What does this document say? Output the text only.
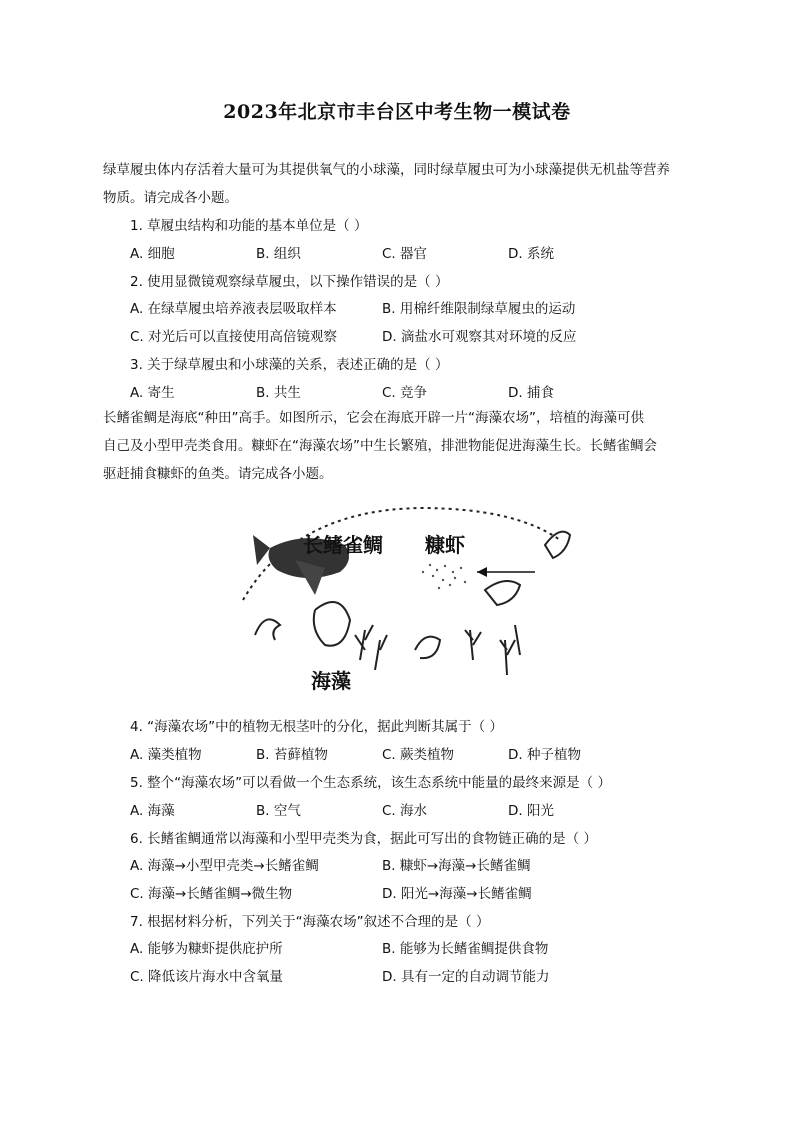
2023年北京市丰台区中考生物一模试卷
绿草履虫体内存活着大量可为其提供氧气的小球藻，同时绿草履虫可为小球藻提供无机盐等营养
物质。请完成各小题。
1. 草履虫结构和功能的基本单位是（ ）
A. 细胞	B. 组织	C. 器官	D. 系统
2. 使用显微镜观察绿草履虫，以下操作错误的是（ ）
A. 在绿草履虫培养液表层吸取样本	B. 用棉纤维限制绿草履虫的运动
C. 对光后可以直接使用高倍镜观察	D. 滴盐水可观察其对环境的反应
3. 关于绿草履虫和小球藻的关系，表述正确的是（ ）
A. 寄生	B. 共生	C. 竞争	D. 捕食
长鳍雀鲷是海底“种田”高手。如图所示，它会在海底开辟一片“海藻农场”，培植的海藻可供
自己及小型甲壳类食用。糠虾在“海藻农场”中生长繁殖，排泄物能促进海藻生长。长鳍雀鲷会
驱赶捕食糠虾的鱼类。请完成各小题。
长鳍雀鲷 糠虾
海藻
4. “海藻农场”中的植物无根茎叶的分化，据此判断其属于（ ）
A. 藻类植物	B. 苔藓植物	C. 蕨类植物	D. 种子植物
5. 整个“海藻农场”可以看做一个生态系统，该生态系统中能量的最终来源是（ ）
A. 海藻	B. 空气	C. 海水	D. 阳光
6. 长鳍雀鲷通常以海藻和小型甲壳类为食，据此可写出的食物链正确的是（ ）
A. 海藻→小型甲壳类→长鳍雀鲷	B. 糠虾→海藻→长鳍雀鲷
C. 海藻→长鳍雀鲷→微生物	D. 阳光→海藻→长鳍雀鲷
7. 根据材料分析，下列关于“海藻农场”叙述不合理的是（ ）
A. 能够为糠虾提供庇护所	B. 能够为长鳍雀鲷提供食物
C. 降低该片海水中含氧量	D. 具有一定的自动调节能力
